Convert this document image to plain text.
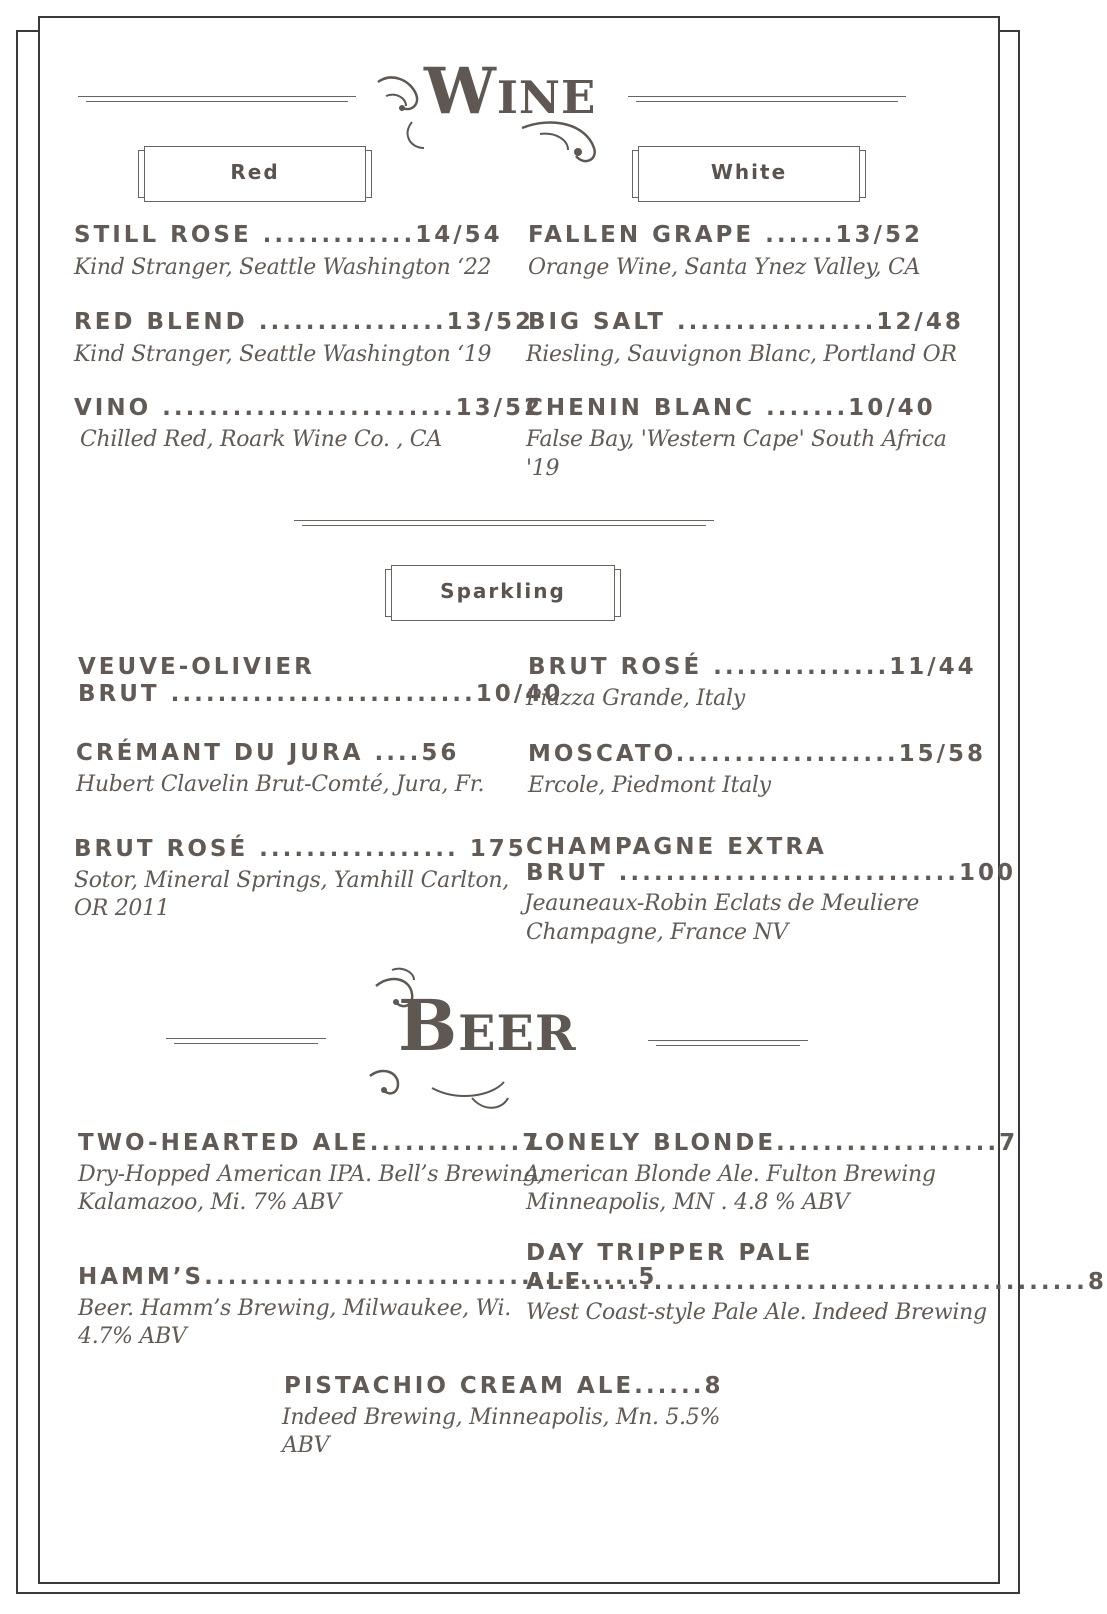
Wine
Red	White
STILL ROSE .............14/54
Kind Stranger, Seattle Washington ‘22
RED BLEND ................13/52
Kind Stranger, Seattle Washington ‘19
VINO .........................13/52
Chilled Red, Roark Wine Co. , CA
FALLEN GRAPE ......13/52
Orange Wine, Santa Ynez Valley, CA
BIG SALT .................12/48
Riesling, Sauvignon Blanc, Portland OR
CHENIN BLANC .......10/40
False Bay, 'Western Cape' South Africa
'19
Sparkling
VEUVE-OLIVIER
BRUT ..........................10/40
CRÉMANT DU JURA ....56
Hubert Clavelin Brut-Comté, Jura, Fr.
BRUT ROSÉ ................. 175
Sotor, Mineral Springs, Yamhill Carlton,
OR 2011
BRUT ROSÉ ...............11/44
Piazza Grande, Italy
MOSCATO...................15/58
Ercole, Piedmont Italy
CHAMPAGNE EXTRA
BRUT .............................100
Jeauneaux-Robin Eclats de Meuliere
Champagne, France NV
Beer
TWO-HEARTED ALE.............7
Dry-Hopped American IPA. Bell’s Brewing,
Kalamazoo, Mi. 7% ABV
HAMM’S.....................................5
Beer. Hamm’s Brewing, Milwaukee, Wi.
4.7% ABV
LONELY BLONDE...................7
American Blonde Ale. Fulton Brewing
Minneapolis, MN . 4.8 % ABV
DAY TRIPPER PALE
ALE...........................................8
West Coast-style Pale Ale. Indeed Brewing
PISTACHIO CREAM ALE......8
Indeed Brewing, Minneapolis, Mn. 5.5%
ABV
